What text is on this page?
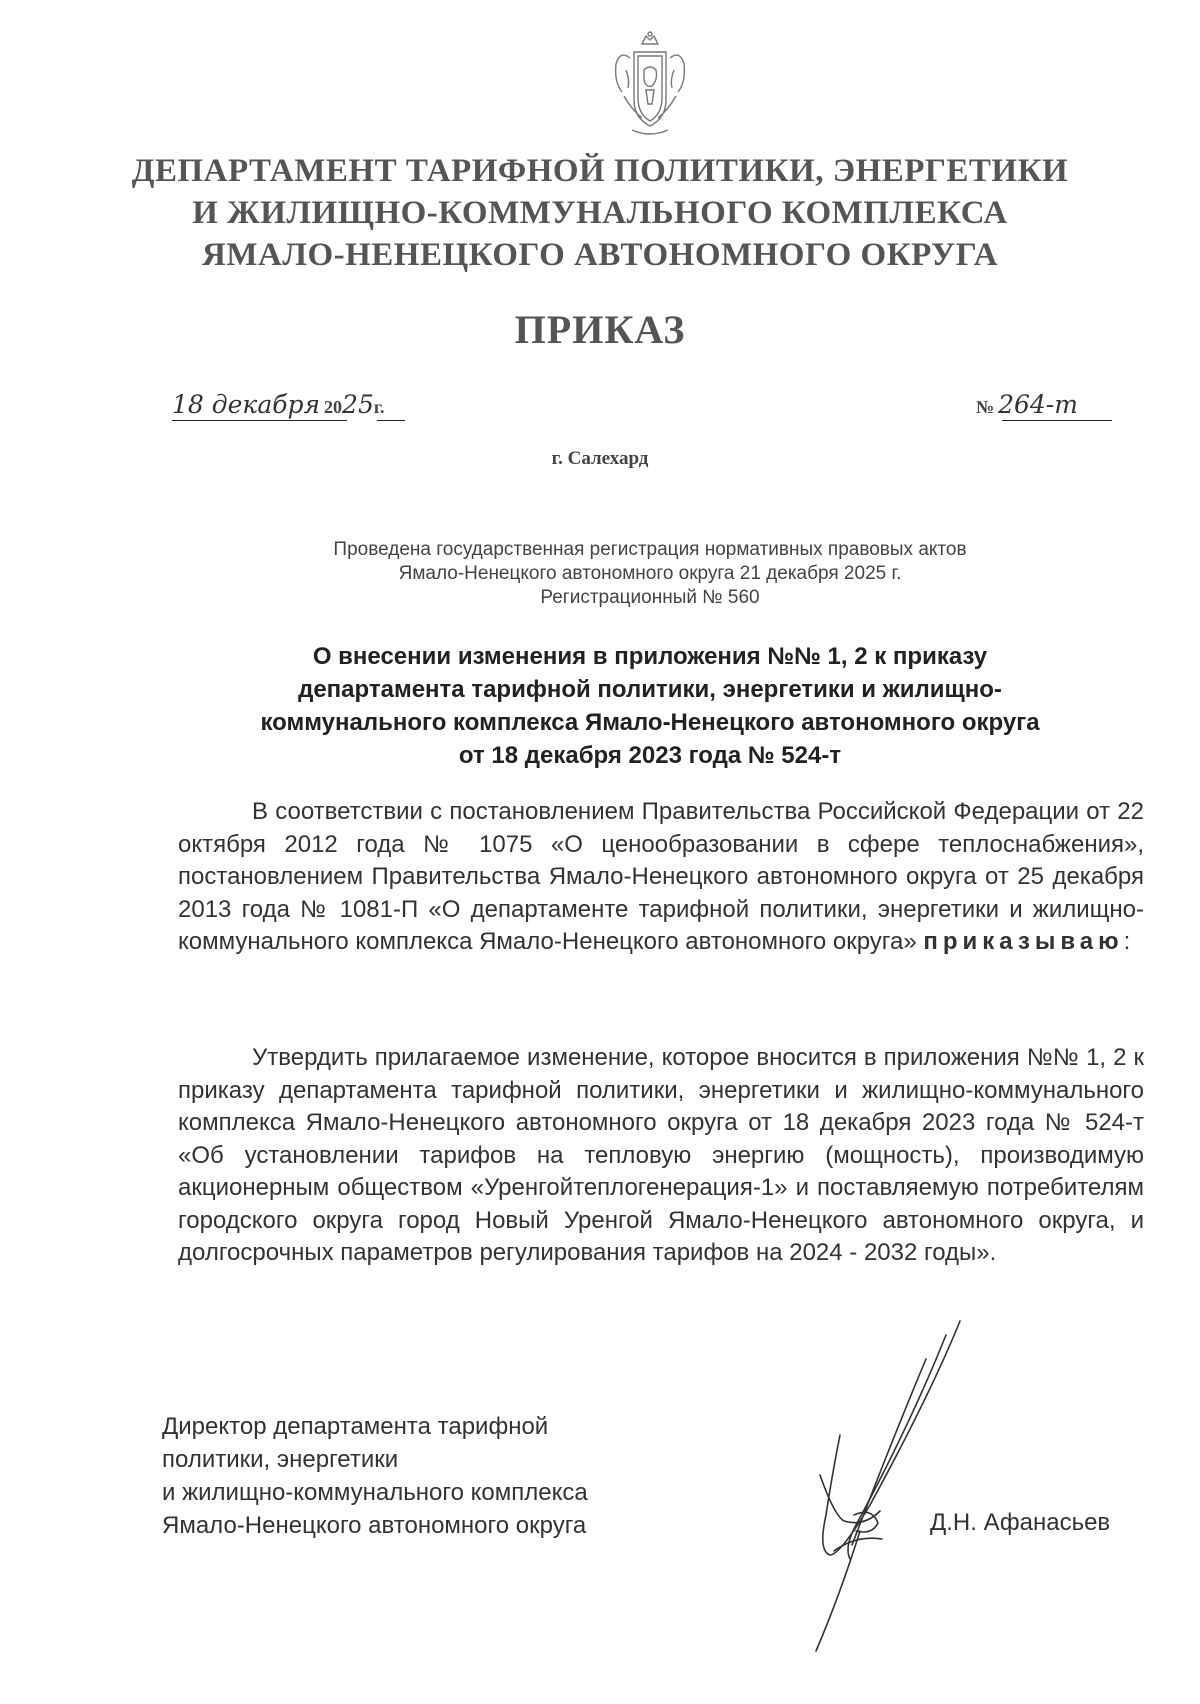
ДЕПАРТАМЕНТ ТАРИФНОЙ ПОЛИТИКИ, ЭНЕРГЕТИКИ
И ЖИЛИЩНО-КОММУНАЛЬНОГО КОМПЛЕКСА
ЯМАЛО-НЕНЕЦКОГО АВТОНОМНОГО ОКРУГА
ПРИКАЗ
18 декабря 2025г.	№ 264-т
г. Салехард
Проведена государственная регистрация нормативных правовых актов
Ямало-Ненецкого автономного округа 21 декабря 2025 г.
Регистрационный № 560
О внесении изменения в приложения №№ 1, 2 к приказу
департамента тарифной политики, энергетики и жилищно-
коммунального комплекса Ямало-Ненецкого автономного округа
от 18 декабря 2023 года № 524-т
В соответствии с постановлением Правительства Российской Федерации от 22 октября 2012 года № 1075 «О ценообразовании в сфере теплоснабжения», постановлением Правительства Ямало-Ненецкого автономного округа от 25 декабря 2013 года № 1081-П «О департаменте тарифной политики, энергетики и жилищно-коммунального комплекса Ямало-Ненецкого автономного округа» приказываю:
Утвердить прилагаемое изменение, которое вносится в приложения №№ 1, 2 к приказу департамента тарифной политики, энергетики и жилищно-коммунального комплекса Ямало-Ненецкого автономного округа от 18 декабря 2023 года № 524-т «Об установлении тарифов на тепловую энергию (мощность), производимую акционерным обществом «Уренгойтеплогенерация-1» и поставляемую потребителям городского округа город Новый Уренгой Ямало-Ненецкого автономного округа, и долгосрочных параметров регулирования тарифов на 2024 - 2032 годы».
Директор департамента тарифной
политики, энергетики
и жилищно-коммунального комплекса
Ямало-Ненецкого автономного округа	Д.Н. Афанасьев
